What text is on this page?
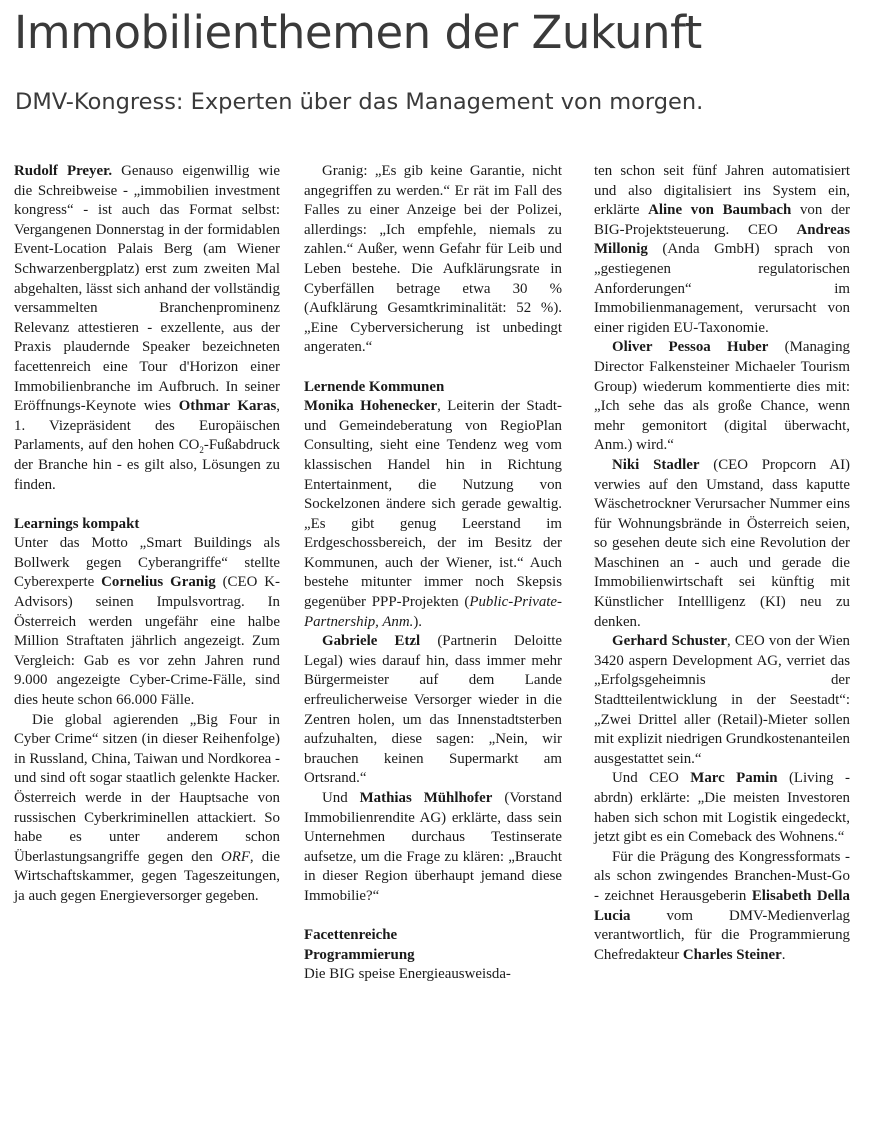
Immobilienthemen der Zukunft
DMV-Kongress: Experten über das Management von morgen.

Rudolf Preyer. Genauso eigenwillig wie die Schreibweise - „immobilien investment kongress“ - ist auch das Format selbst: Vergangenen Donnerstag in der formidablen Event-Location Palais Berg (am Wiener Schwarzenbergplatz) erst zum zweiten Mal abgehalten, lässt sich anhand der vollständig versammelten Branchenprominenz Relevanz attestieren - exzellente, aus der Praxis plaudernde Speaker bezeichneten facettenreich eine Tour d'Horizon einer Immobilienbranche im Aufbruch. In seiner Eröffnungs-Keynote wies Othmar Karas, 1. Vizepräsident des Europäischen Parlaments, auf den hohen $CO_2$-Fußabdruck der Branche hin - es gilt also, Lösungen zu finden.

Learnings kompakt

Unter das Motto „Smart Buildings als Bollwerk gegen Cyberangriffe“ stellte Cyberexperte Cornelius Granig (CEO K-Advisors) seinen Impulsvortrag. In Österreich werden ungefähr eine halbe Million Straftaten jährlich angezeigt. Zum Vergleich: Gab es vor zehn Jahren rund 9.000 angezeigte Cyber-Crime-Fälle, sind dies heute schon 66.000 Fälle.

Die global agierenden „Big Four in Cyber Crime“ sitzen (in dieser Reihenfolge) in Russland, China, Taiwan und Nordkorea - und sind oft sogar staatlich gelenkte Hacker. Österreich werde in der Hauptsache von russischen Cyberkriminellen attackiert. So habe es unter anderem schon Überlastungsangriffe gegen den ORF, die Wirtschaftskammer, gegen Tageszeitungen, ja auch gegen Energieversorger gegeben.

Granig: „Es gib keine Garantie, nicht angegriffen zu werden.“ Er rät im Fall des Falles zu einer Anzeige bei der Polizei, allerdings: „Ich empfehle, niemals zu zahlen.“ Außer, wenn Gefahr für Leib und Leben bestehe. Die Aufklärungsrate in Cyberfällen betrage etwa 30 % (Aufklärung Gesamtkriminalität: 52 %). „Eine Cyberversicherung ist unbedingt angeraten.“

Lernende Kommunen

Monika Hohenecker, Leiterin der Stadt- und Gemeindeberatung von RegioPlan Consulting, sieht eine Tendenz weg vom klassischen Handel hin in Richtung Entertainment, die Nutzung von Sockelzonen ändere sich gerade gewaltig. „Es gibt genug Leerstand im Erdgeschossbereich, der im Besitz der Kommunen, auch der Wiener, ist.“ Auch bestehe mitunter immer noch Skepsis gegenüber PPP-Projekten (Public-Private-Partnership, Anm.).

Gabriele Etzl (Partnerin Deloitte Legal) wies darauf hin, dass immer mehr Bürgermeister auf dem Lande erfreulicherweise Versorger wieder in die Zentren holen, um das Innenstadtsterben aufzuhalten, diese sagen: „Nein, wir brauchen keinen Supermarkt am Ortsrand.“

Und Mathias Mühlhofer (Vorstand Immobilienrendite AG) erklärte, dass sein Unternehmen durchaus Testinserate aufsetze, um die Frage zu klären: „Braucht in dieser Region überhaupt jemand diese Immobilie?“

Facettenreiche
Programmierung

Die BIG speise Energieausweisda-

ten schon seit fünf Jahren automatisiert und also digitalisiert ins System ein, erklärte Aline von Baumbach von der BIG-Projektsteuerung. CEO Andreas Millonig (Anda GmbH) sprach von „gestiegenen regulatorischen Anforderungen“ im Immobilienmanagement, verursacht von einer rigiden EU-Taxonomie.

Oliver Pessoa Huber (Managing Director Falkensteiner Michaeler Tourism Group) wiederum kommentierte dies mit: „Ich sehe das als große Chance, wenn mehr gemonitort (digital überwacht, Anm.) wird.“

Niki Stadler (CEO Propcorn AI) verwies auf den Umstand, dass kaputte Wäschetrockner Verursacher Nummer eins für Wohnungsbrände in Österreich seien, so gesehen deute sich eine Revolution der Maschinen an - auch und gerade die Immobilienwirtschaft sei künftig mit Künstlicher Intellligenz (KI) neu zu denken.

Gerhard Schuster, CEO von der Wien 3420 aspern Development AG, verriet das „Erfolgsgeheimnis der Stadtteilentwicklung in der Seestadt“: „Zwei Drittel aller (Retail)-Mieter sollen mit explizit niedrigen Grundkostenanteilen ausgestattet sein.“

Und CEO Marc Pamin (Living - abrdn) erklärte: „Die meisten Investoren haben sich schon mit Logistik eingedeckt, jetzt gibt es ein Comeback des Wohnens.“

Für die Prägung des Kongressformats - als schon zwingendes Branchen-Must-Go - zeichnet Herausgeberin Elisabeth Della Lucia vom DMV-Medienverlag verantwortlich, für die Programmierung Chefredakteur Charles Steiner.
